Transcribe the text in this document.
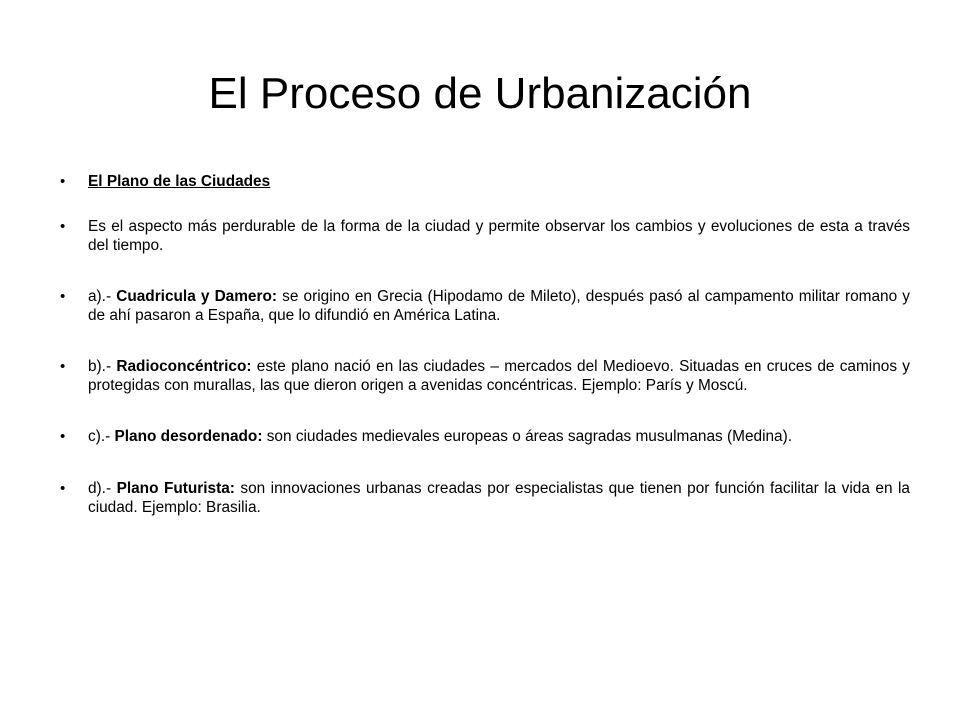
El Proceso de Urbanización

• El Plano de las Ciudades

• Es el aspecto más perdurable de la forma de la ciudad y permite observar los cambios y evoluciones de esta a través del tiempo.

• a).- Cuadricula y Damero: se origino en Grecia (Hipodamo de Mileto), después pasó al campamento militar romano y de ahí pasaron a España, que lo difundió en América Latina.

• b).- Radioconcéntrico: este plano nació en las ciudades – mercados del Medioevo. Situadas en cruces de caminos y protegidas con murallas, las que dieron origen a avenidas concéntricas. Ejemplo: París y Moscú.

• c).- Plano desordenado: son ciudades medievales europeas o áreas sagradas musulmanas (Medina).

• d).- Plano Futurista: son innovaciones urbanas creadas por especialistas que tienen por función facilitar la vida en la ciudad. Ejemplo: Brasilia.
